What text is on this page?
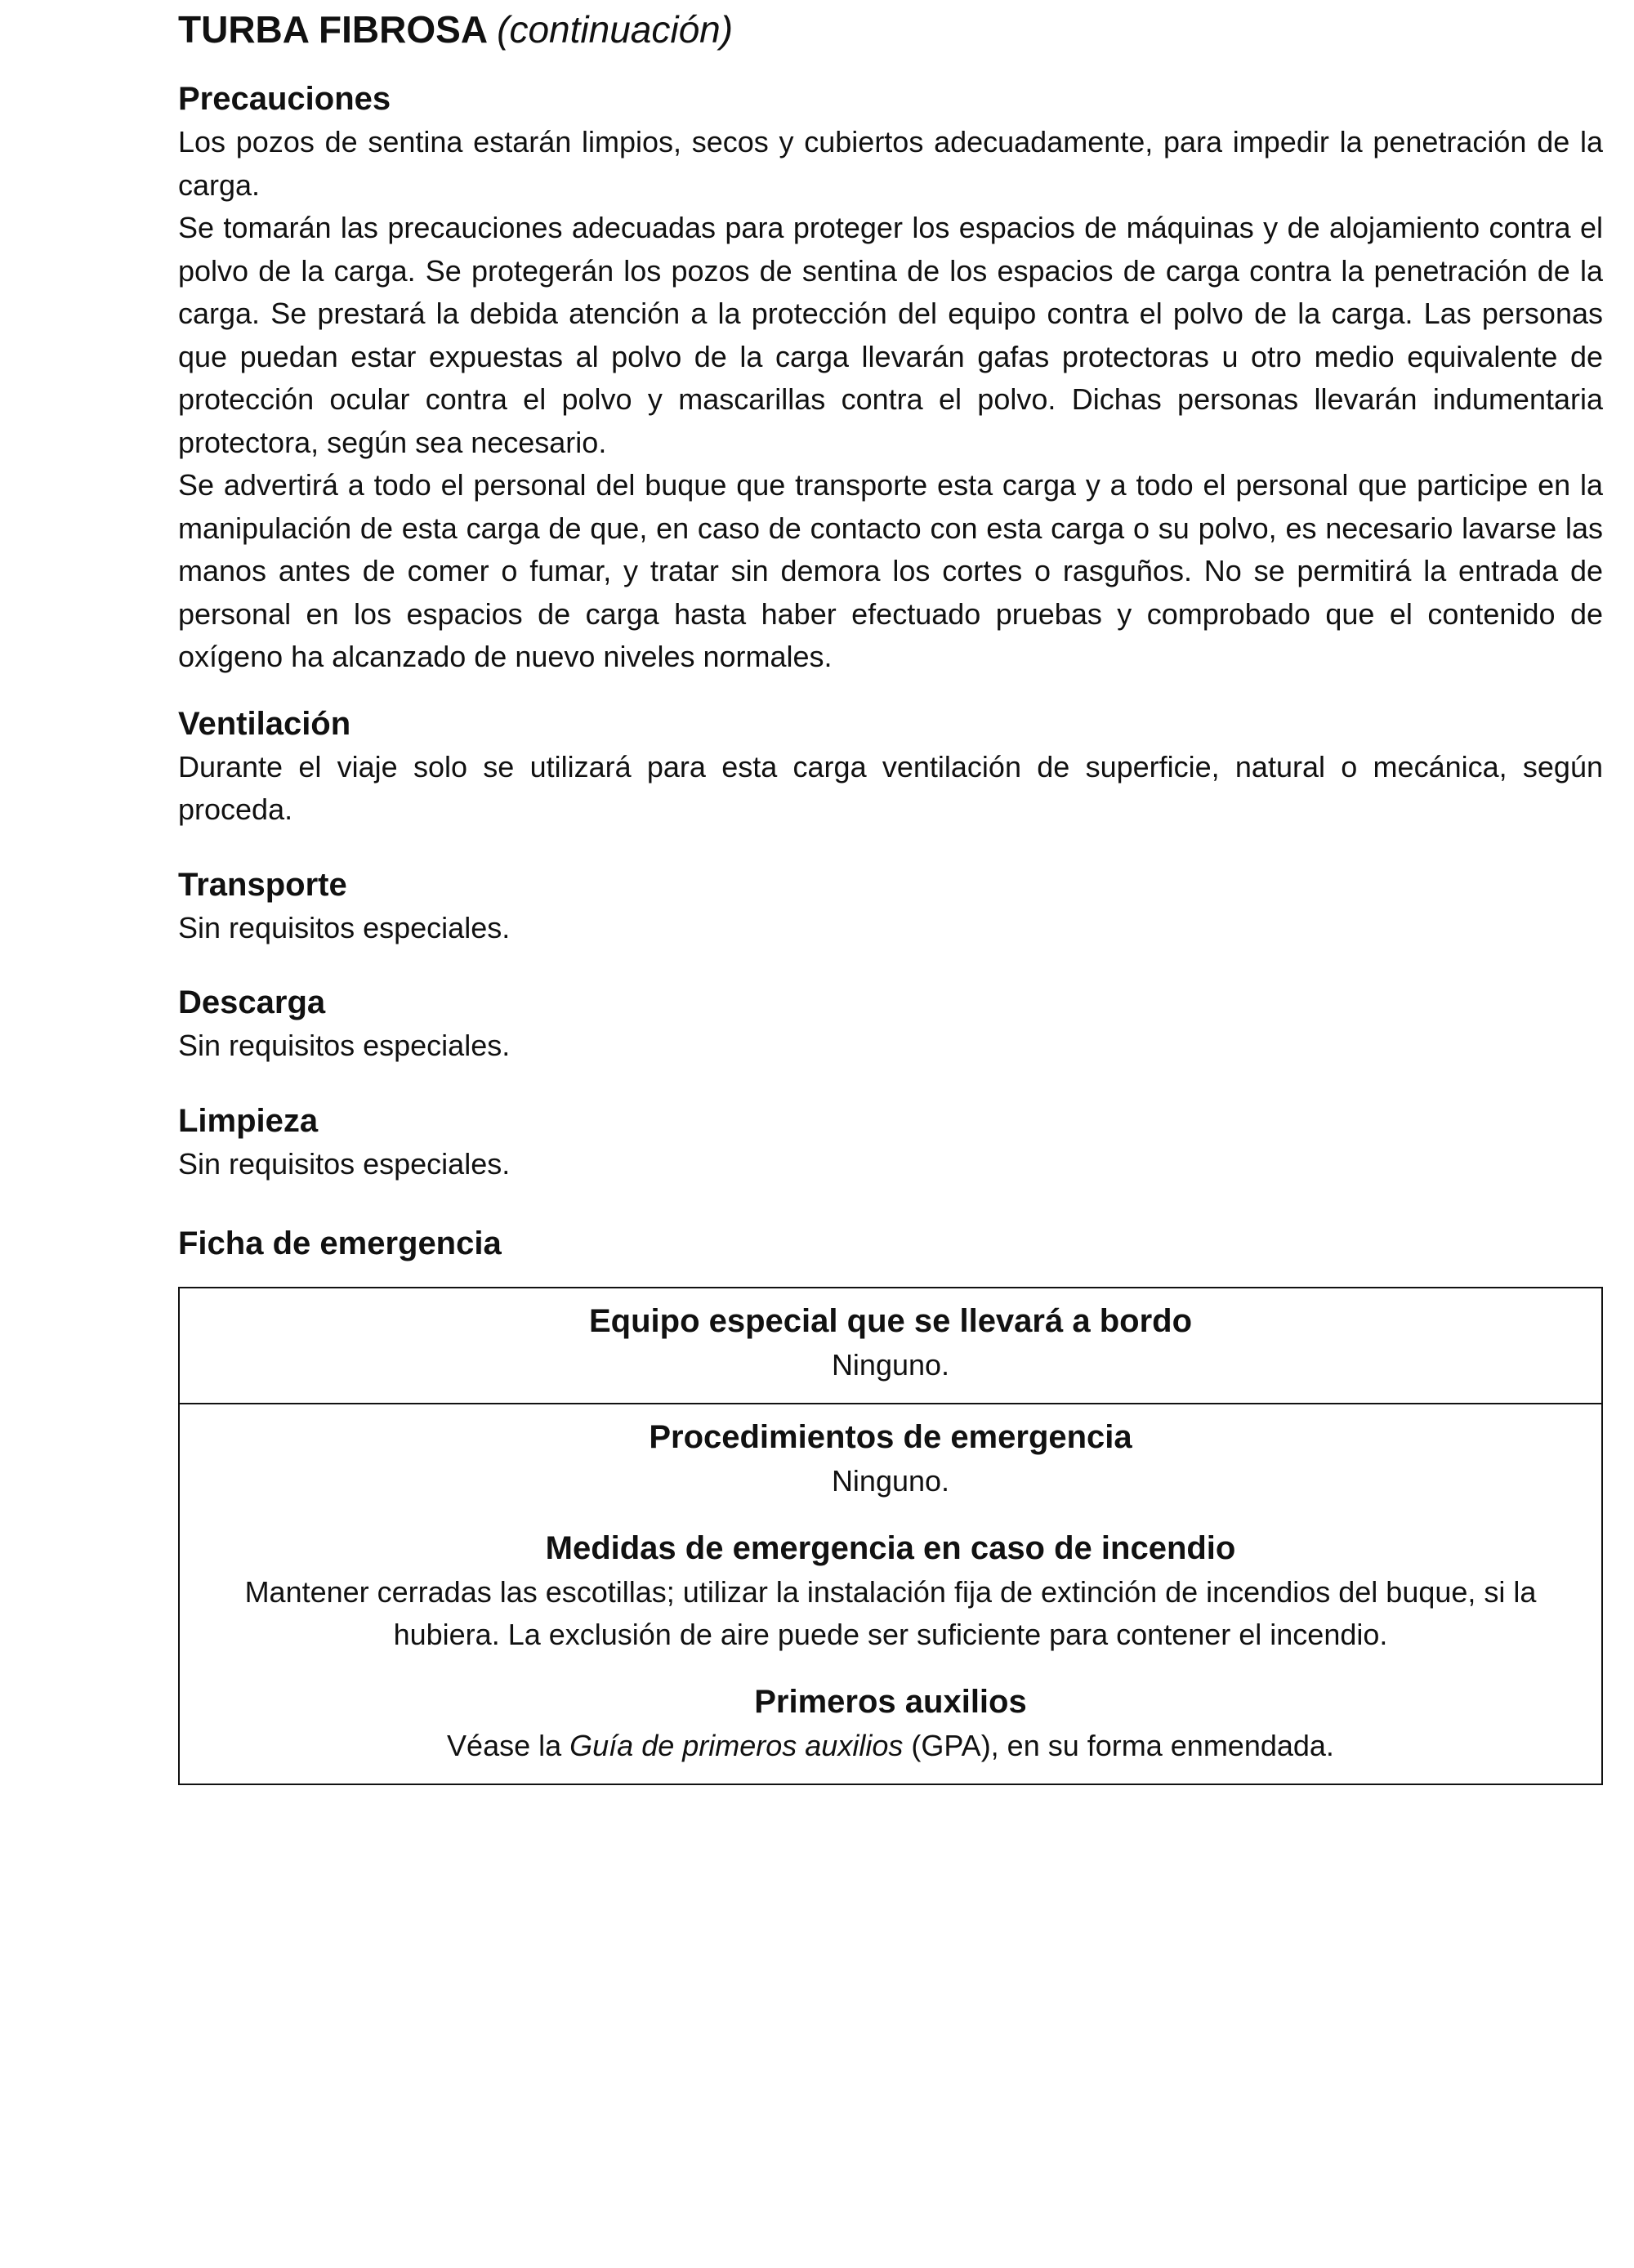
TURBA FIBROSA (continuación)
Precauciones

Los pozos de sentina estarán limpios, secos y cubiertos adecuadamente, para impedir la penetración de la carga.

Se tomarán las precauciones adecuadas para proteger los espacios de máquinas y de alojamiento contra el polvo de la carga. Se protegerán los pozos de sentina de los espacios de carga contra la penetración de la carga. Se prestará la debida atención a la protección del equipo contra el polvo de la carga. Las personas que puedan estar expuestas al polvo de la carga llevarán gafas protectoras u otro medio equivalente de protección ocular contra el polvo y mascarillas contra el polvo. Dichas personas llevarán indumentaria protectora, según sea necesario.

Se advertirá a todo el personal del buque que transporte esta carga y a todo el personal que participe en la manipulación de esta carga de que, en caso de contacto con esta carga o su polvo, es necesario lavarse las manos antes de comer o fumar, y tratar sin demora los cortes o rasguños. No se permitirá la entrada de personal en los espacios de carga hasta haber efectuado pruebas y comprobado que el contenido de oxígeno ha alcanzado de nuevo niveles normales.

Ventilación

Durante el viaje solo se utilizará para esta carga ventilación de superficie, natural o mecánica, según proceda.

Transporte

Sin requisitos especiales.

Descarga

Sin requisitos especiales.

Limpieza

Sin requisitos especiales.

Ficha de emergencia
Equipo especial que se llevará a bordo

Ninguno.

Procedimientos de emergencia

Ninguno.

Medidas de emergencia en caso de incendio

Mantener cerradas las escotillas; utilizar la instalación fija de extinción de incendios del buque, si la hubiera. La exclusión de aire puede ser suficiente para contener el incendio.

Primeros auxilios

Véase la Guía de primeros auxilios (GPA), en su forma enmendada.
